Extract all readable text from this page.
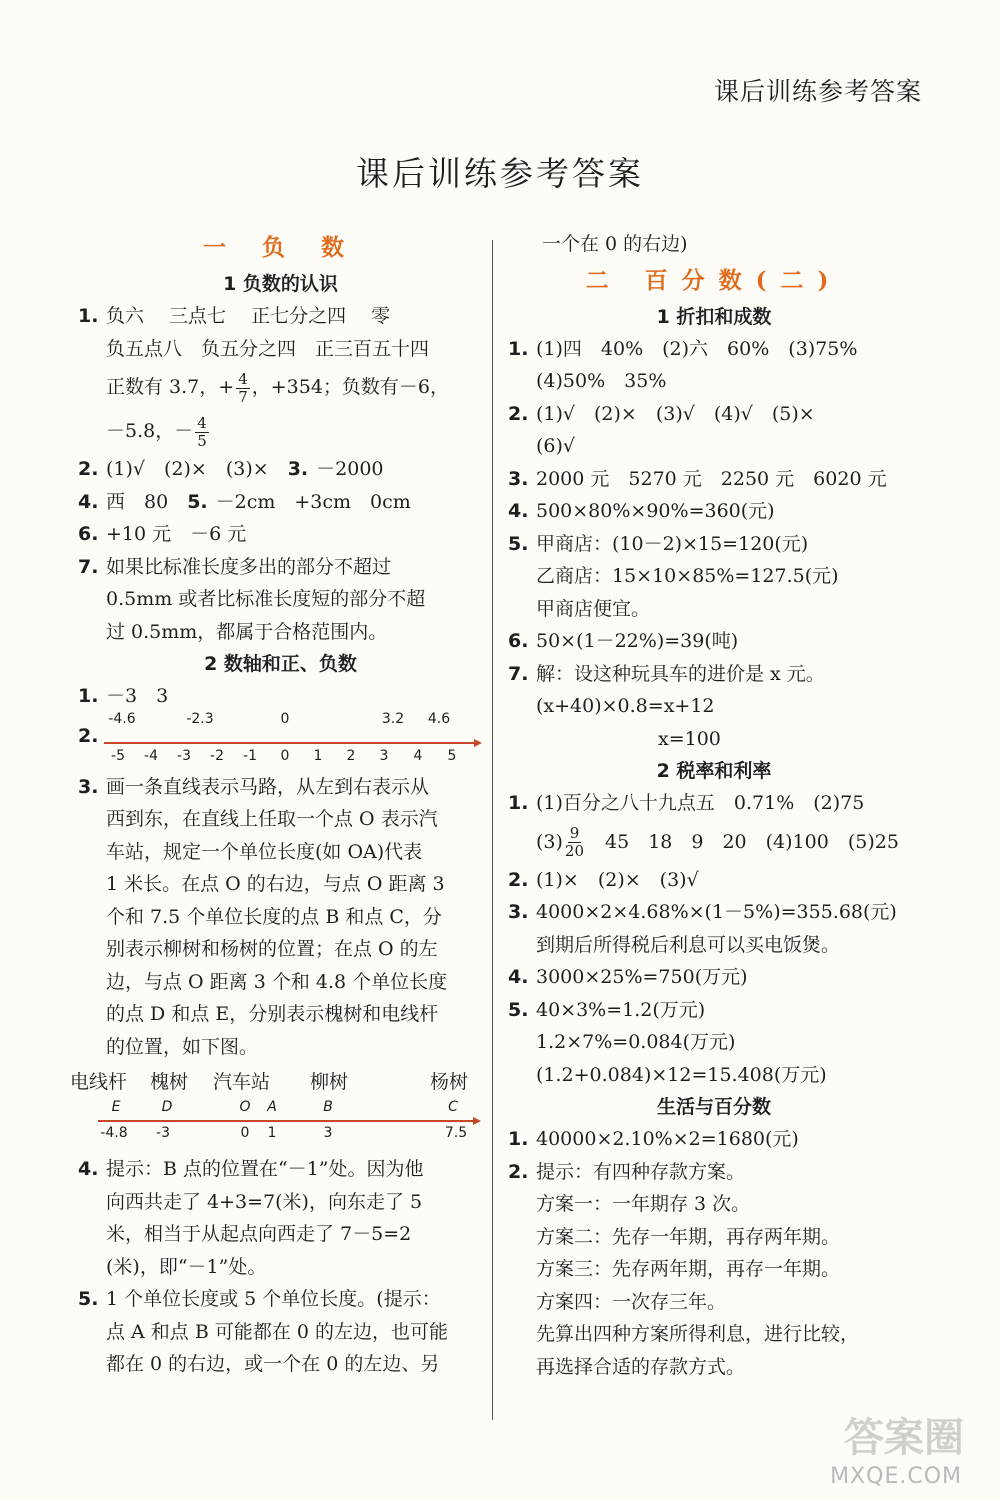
课后训练参考答案
课后训练参考答案
一 负 数
1 负数的认识
1. 负六　 三点七　 正七分之四　 零
负五点八　负五分之四　正三百五十四
正数有 3.7，+ $\frac{4}{7}$ ，+354；负数有－6，
－5.8，－ $\frac{4}{5}$
2. (1)√　(2)×　(3)×　3. －2000
4. 西　80　5. －2cm　+3cm　0cm
6. +10 元　－6 元
7. 如果比标准长度多出的部分不超过
0.5mm 或者比标准长度短的部分不超
过 0.5mm，都属于合格范围内。
2 数轴和正、负数
1. －3　3
2.
-4.6	-2.3	0	3.2 4.6
-5 -4 -3 -2 -1 0 1 2 3 4 5
3. 画一条直线表示马路，从左到右表示从
西到东，在直线上任取一个点 O 表示汽
车站，规定一个单位长度(如 OA)代表
1 米长。在点 O 的右边，与点 O 距离 3
个和 7.5 个单位长度的点 B 和点 C，分
别表示柳树和杨树的位置；在点 O 的左
边，与点 O 距离 3 个和 4.8 个单位长度
的点 D 和点 E，分别表示槐树和电线杆
的位置，如下图。
电线杆 槐树 汽车站 柳树	杨树
E	D	O A	B	C
-4.8 -3	0 1	3	7.5
4. 提示：B 点的位置在“－1”处。因为他
向西共走了 4+3=7(米)，向东走了 5
米，相当于从起点向西走了 7－5=2
(米)，即“－1”处。
5. 1 个单位长度或 5 个单位长度。(提示：
点 A 和点 B 可能都在 0 的左边，也可能
都在 0 的右边，或一个在 0 的左边、另
一个在 0 的右边)
二 百分数(二)
1 折扣和成数
1. (1)四　40%　(2)六　60%　(3)75%
(4)50%　35%
2. (1)√　(2)×　(3)√　(4)√　(5)×
(6)√
3. 2000 元　5270 元　2250 元　6020 元
4. 500×80%×90%=360(元)
5. 甲商店：(10－2)×15=120(元)
乙商店：15×10×85%=127.5(元)
甲商店便宜。
6. 50×(1－22%)=39(吨)
7. 解：设这种玩具车的进价是 x 元。
(x+40)×0.8=x+12
x=100
2 税率和利率
1. (1)百分之八十九点五　0.71%　(2)75
$(3) \frac{9}{20}$ 　45　18　9　20　(4)100　(5)25
2. (1)×　(2)×　(3)√
3. 4000×2×4.68%×(1－5%)=355.68(元)
到期后所得税后利息可以买电饭煲。
4. 3000×25%=750(万元)
5. 40×3%=1.2(万元)
1.2×7%=0.084(万元)
(1.2+0.084)×12=15.408(万元)
生活与百分数
1. 40000×2.10%×2=1680(元)
2. 提示：有四种存款方案。
方案一：一年期存 3 次。
方案二：先存一年期，再存两年期。
方案三：先存两年期，再存一年期。
方案四：一次存三年。
先算出四种方案所得利息，进行比较，
再选择合适的存款方式。
答案圈
MXQE.COM
